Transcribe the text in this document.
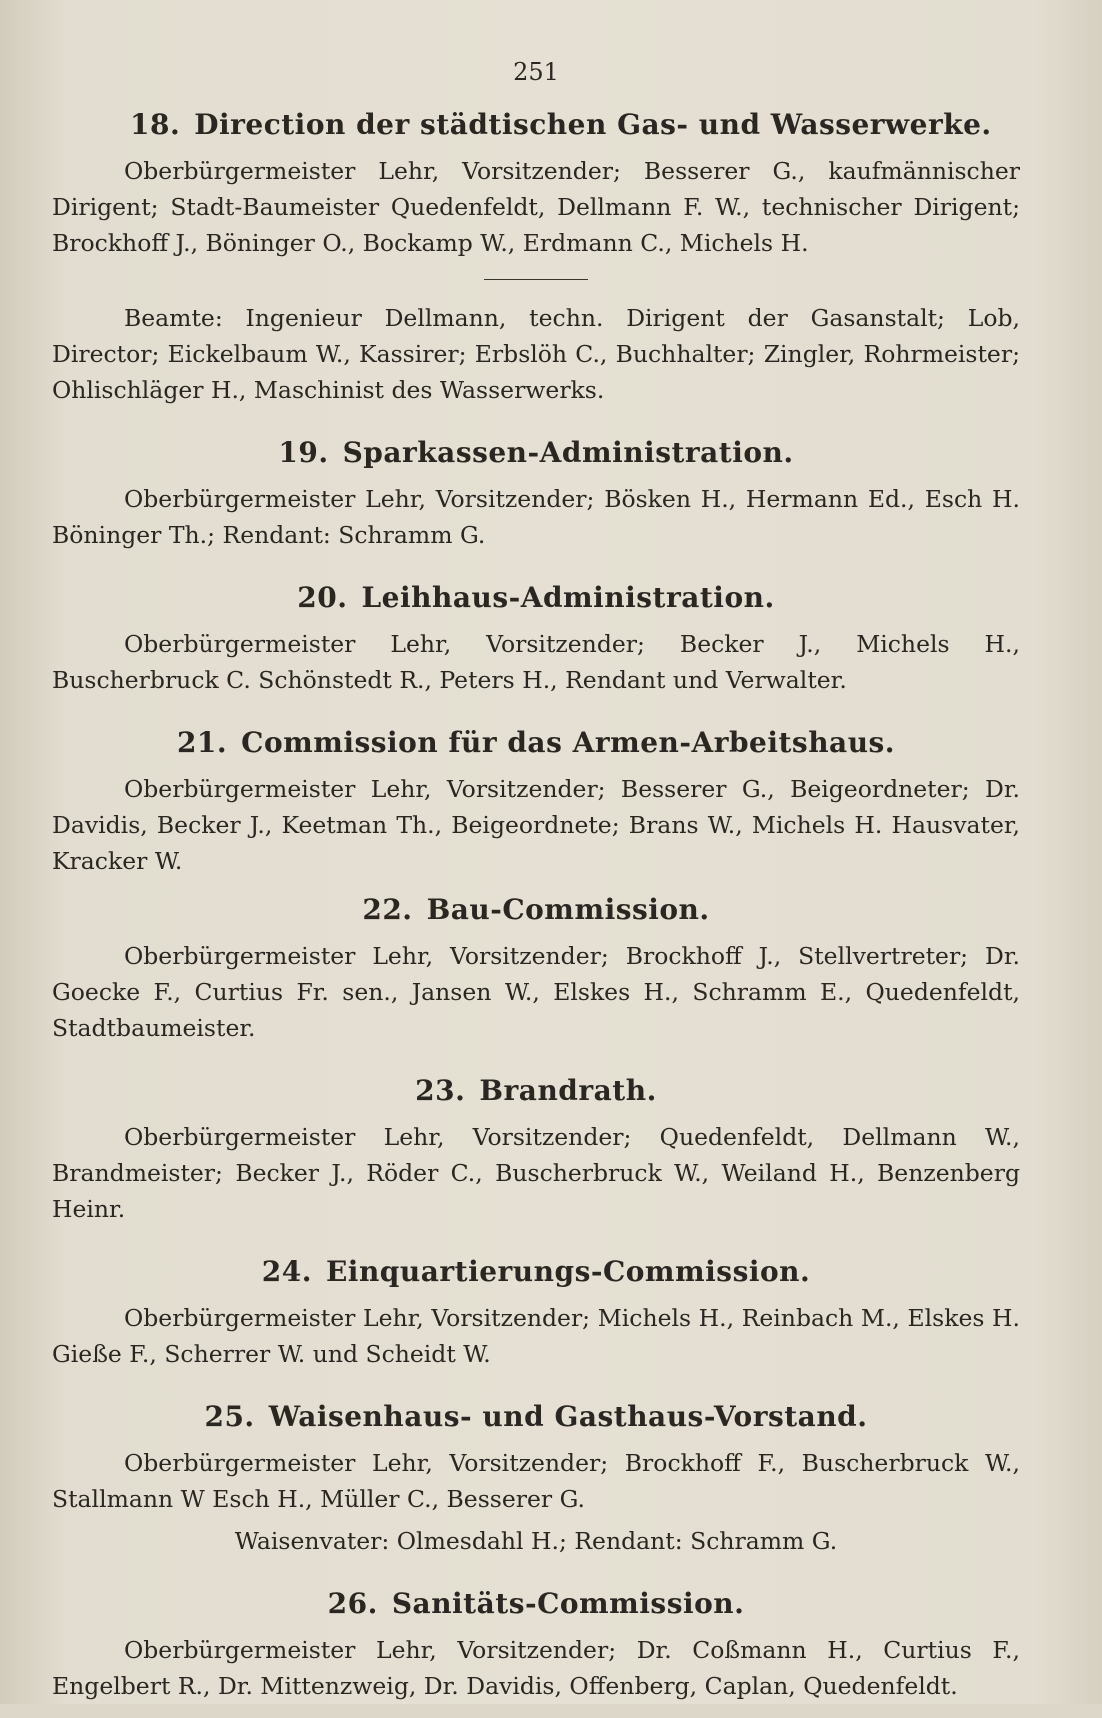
251
18. Direction der städtischen Gas- und Wasserwerke.

Oberbürgermeister Lehr, Vorsitzender; Besserer G., kaufmännischer Dirigent; Stadt-Baumeister Quedenfeldt, Dellmann F. W., technischer Dirigent; Brockhoff J., Böninger O., Bockamp W., Erdmann C., Michels H.

Beamte: Ingenieur Dellmann, techn. Dirigent der Gasanstalt; Lob, Director; Eickelbaum W., Kassirer; Erbslöh C., Buchhalter; Zingler, Rohrmeister; Ohlischläger H., Maschinist des Wasserwerks.

19. Sparkassen-Administration.

Oberbürgermeister Lehr, Vorsitzender; Bösken H., Hermann Ed., Esch H. Böninger Th.; Rendant: Schramm G.

20. Leihhaus-Administration.

Oberbürgermeister Lehr, Vorsitzender; Becker J., Michels H., Buscherbruck C. Schönstedt R., Peters H., Rendant und Verwalter.

21. Commission für das Armen-Arbeitshaus.

Oberbürgermeister Lehr, Vorsitzender; Besserer G., Beigeordneter; Dr. Davidis, Becker J., Keetman Th., Beigeordnete; Brans W., Michels H. Hausvater, Kracker W.

22. Bau-Commission.

Oberbürgermeister Lehr, Vorsitzender; Brockhoff J., Stellvertreter; Dr. Goecke F., Curtius Fr. sen., Jansen W., Elskes H., Schramm E., Quedenfeldt, Stadtbaumeister.

23. Brandrath.

Oberbürgermeister Lehr, Vorsitzender; Quedenfeldt, Dellmann W., Brandmeister; Becker J., Röder C., Buscherbruck W., Weiland H., Benzenberg Heinr.

24. Einquartierungs-Commission.

Oberbürgermeister Lehr, Vorsitzender; Michels H., Reinbach M., Elskes H. Gieße F., Scherrer W. und Scheidt W.

25. Waisenhaus- und Gasthaus-Vorstand.

Oberbürgermeister Lehr, Vorsitzender; Brockhoff F., Buscherbruck W., Stallmann W Esch H., Müller C., Besserer G.

Waisenvater: Olmesdahl H.; Rendant: Schramm G.

26. Sanitäts-Commission.

Oberbürgermeister Lehr, Vorsitzender; Dr. Coßmann H., Curtius F., Engelbert R., Dr. Mittenzweig, Dr. Davidis, Offenberg, Caplan, Quedenfeldt.
